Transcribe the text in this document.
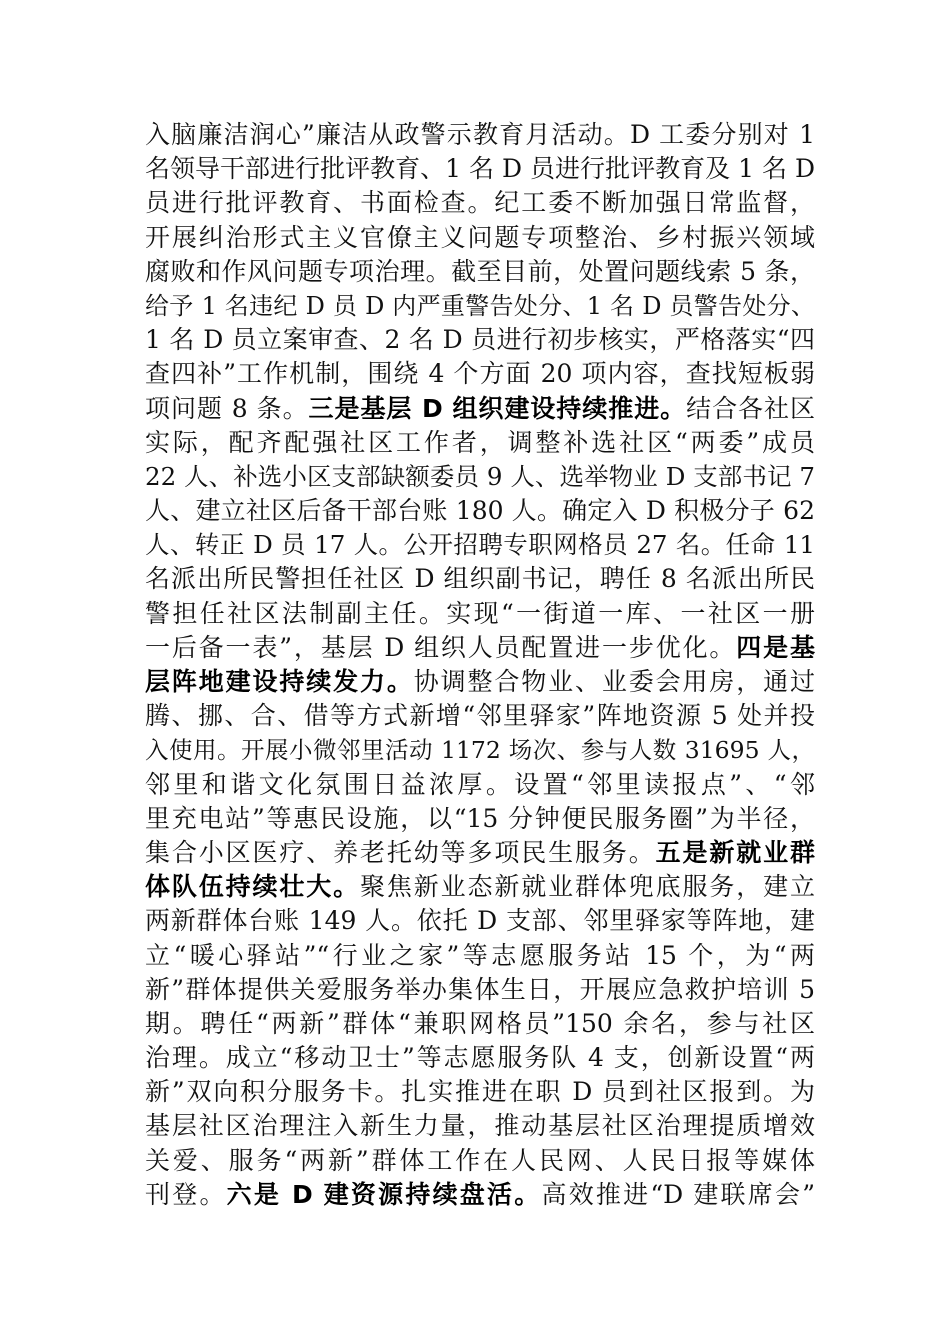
入脑廉洁润心”廉洁从政警示教育月活动。D 工委分别对 1
名领导干部进行批评教育、1 名 D 员进行批评教育及 1 名 D
员进行批评教育、书面检查。纪工委不断加强日常监督，
开展纠治形式主义官僚主义问题专项整治、乡村振兴领域
腐败和作风问题专项治理。截至目前，处置问题线索 5 条，
给予 1 名违纪 D 员 D 内严重警告处分、1 名 D 员警告处分、
1 名 D 员立案审查、2 名 D 员进行初步核实，严格落实“四
查四补”工作机制，围绕 4 个方面 20 项内容，查找短板弱
项问题 8 条。三是基层 D 组织建设持续推进。结合各社区
实际，配齐配强社区工作者，调整补选社区“两委”成员
22 人、补选小区支部缺额委员 9 人、选举物业 D 支部书记 7
人、建立社区后备干部台账 180 人。确定入 D 积极分子 62
人、转正 D 员 17 人。公开招聘专职网格员 27 名。任命 11
名派出所民警担任社区 D 组织副书记，聘任 8 名派出所民
警担任社区法制副主任。实现“一街道一库、一社区一册
一后备一表”，基层 D 组织人员配置进一步优化。四是基
层阵地建设持续发力。协调整合物业、业委会用房，通过
腾、挪、合、借等方式新增“邻里驿家”阵地资源 5 处并投
入使用。开展小微邻里活动 1172 场次、参与人数 31695 人，
邻里和谐文化氛围日益浓厚。设置“邻里读报点”、“邻
里充电站”等惠民设施，以“15 分钟便民服务圈”为半径，
集合小区医疗、养老托幼等多项民生服务。五是新就业群
体队伍持续壮大。聚焦新业态新就业群体兜底服务，建立
两新群体台账 149 人。依托 D 支部、邻里驿家等阵地，建
立“暖心驿站”“行业之家”等志愿服务站 15 个，为“两
新”群体提供关爱服务举办集体生日，开展应急救护培训 5
期。聘任“两新”群体“兼职网格员”150 余名，参与社区
治理。成立“移动卫士”等志愿服务队 4 支，创新设置“两
新”双向积分服务卡。扎实推进在职 D 员到社区报到。为
基层社区治理注入新生力量，推动基层社区治理提质增效
关爱、服务“两新”群体工作在人民网、人民日报等媒体
刊登。六是 D 建资源持续盘活。高效推进“D 建联席会”
